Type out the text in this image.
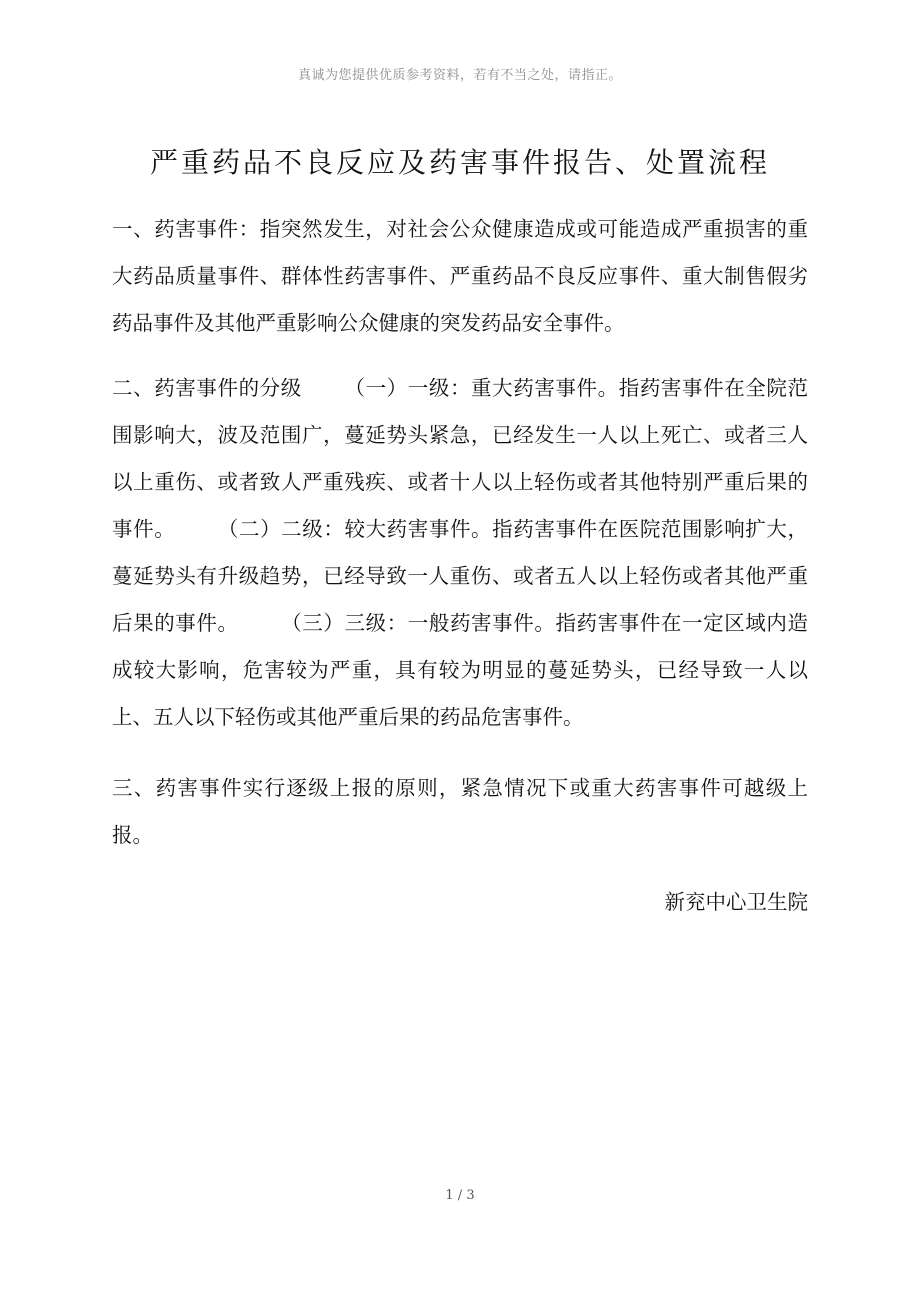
真诚为您提供优质参考资料，若有不当之处，请指正。
严重药品不良反应及药害事件报告、处置流程

一、药害事件：指突然发生，对社会公众健康造成或可能造成严重损害的重大药品质量事件、群体性药害事件、严重药品不良反应事件、重大制售假劣药品事件及其他严重影响公众健康的突发药品安全事件。

二、药害事件的分级 （一）一级：重大药害事件。指药害事件在全院范围影响大，波及范围广，蔓延势头紧急，已经发生一人以上死亡、或者三人以上重伤、或者致人严重残疾、或者十人以上轻伤或者其他特别严重后果的事件。 （二）二级：较大药害事件。指药害事件在医院范围影响扩大，蔓延势头有升级趋势，已经导致一人重伤、或者五人以上轻伤或者其他严重后果的事件。 （三）三级：一般药害事件。指药害事件在一定区域内造成较大影响，危害较为严重，具有较为明显的蔓延势头，已经导致一人以上、五人以下轻伤或其他严重后果的药品危害事件。

三、药害事件实行逐级上报的原则，紧急情况下或重大药害事件可越级上报。

新兖中心卫生院

1 / 3
